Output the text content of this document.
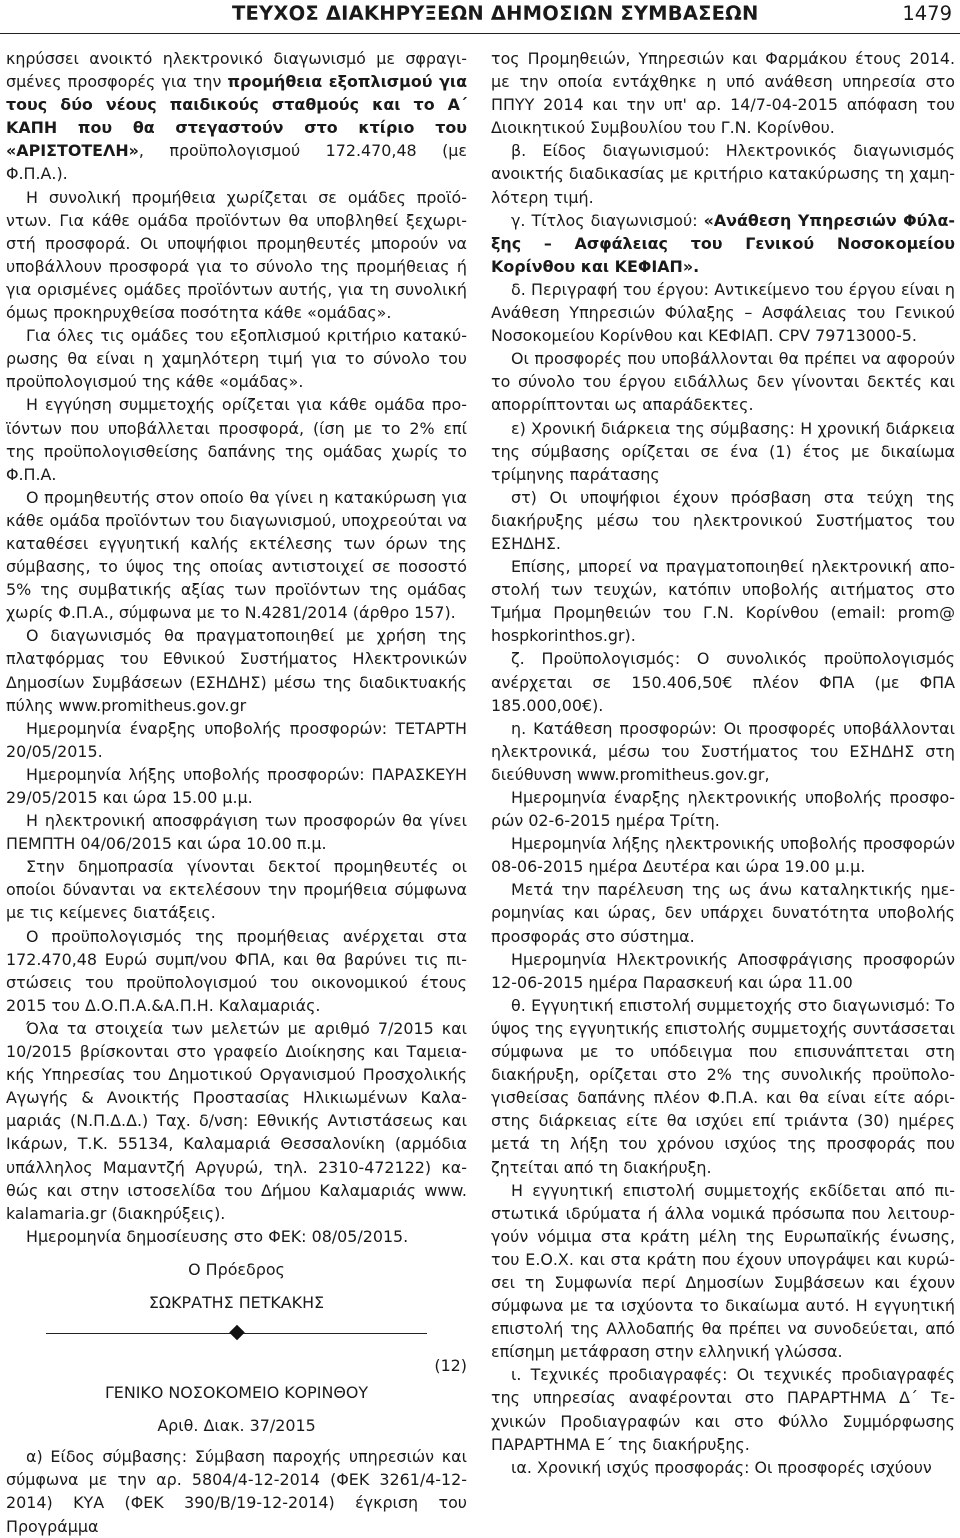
ΤΕΥΧΟΣ ΔΙΑΚΗΡΥΞΕΩΝ ΔΗΜΟΣΙΩΝ ΣΥΜΒΑΣΕΩΝ	1479

κηρύσσει ανοικτό ηλεκτρονικό διαγωνισμό με σφραγισμένες προσφορές για την προμήθεια εξοπλισμού για τους δύο νέους παιδικούς σταθμούς και το Α΄ ΚΑΠΗ που θα στεγαστούν στο κτίριο του «ΑΡΙΣΤΟΤΕΛΗ», προϋπολογισμού 172.470,48 (με Φ.Π.Α.).

Η συνολική προμήθεια χωρίζεται σε ομάδες προϊόντων. Για κάθε ομάδα προϊόντων θα υποβληθεί ξεχωριστή προσφορά. Οι υποψήφιοι προμηθευτές μπορούν να υποβάλλουν προσφορά για το σύνολο της προμήθειας ή για ορισμένες ομάδες προϊόντων αυτής, για τη συνολική όμως προκηρυχθείσα ποσότητα κάθε «ομάδας».

Για όλες τις ομάδες του εξοπλισμού κριτήριο κατακύρωσης θα είναι η χαμηλότερη τιμή για το σύνολο του προϋπολογισμού της κάθε «ομάδας».

Η εγγύηση συμμετοχής ορίζεται για κάθε ομάδα προϊόντων που υποβάλλεται προσφορά, (ίση με το 2% επί της προϋπολογισθείσης δαπάνης της ομάδας χωρίς το Φ.Π.Α.

Ο προμηθευτής στον οποίο θα γίνει η κατακύρωση για κάθε ομάδα προϊόντων του διαγωνισμού, υποχρεούται να καταθέσει εγγυητική καλής εκτέλεσης των όρων της σύμβασης, το ύψος της οποίας αντιστοιχεί σε ποσοστό 5% της συμβατικής αξίας των προϊόντων της ομάδας χωρίς Φ.Π.Α., σύμφωνα με το Ν.4281/2014 (άρθρο 157).

Ο διαγωνισμός θα πραγματοποιηθεί με χρήση της πλατφόρμας του Εθνικού Συστήματος Ηλεκτρονικών Δημοσίων Συμβάσεων (ΕΣΗΔΗΣ) μέσω της διαδικτυακής πύλης www.promitheus.gov.gr

Ημερομηνία έναρξης υποβολής προσφορών: ΤΕΤΑΡΤΗ 20/05/2015.

Ημερομηνία λήξης υποβολής προσφορών: ΠΑΡΑΣΚΕΥΗ 29/05/2015 και ώρα 15.00 μ.μ.

Η ηλεκτρονική αποσφράγιση των προσφορών θα γίνει ΠΕΜΠΤΗ 04/06/2015 και ώρα 10.00 π.μ.

Στην δημοπρασία γίνονται δεκτοί προμηθευτές οι οποίοι δύνανται να εκτελέσουν την προμήθεια σύμφωνα με τις κείμενες διατάξεις.

Ο προϋπολογισμός της προμήθειας ανέρχεται στα 172.470,48 Ευρώ συμπ/νου ΦΠΑ, και θα βαρύνει τις πιστώσεις του προϋπολογισμού του οικονομικού έτους 2015 του Δ.Ο.Π.Α.&Α.Π.Η. Καλαμαριάς.

Όλα τα στοιχεία των μελετών με αριθμό 7/2015 και 10/2015 βρίσκονται στο γραφείο Διοίκησης και Ταμειακής Υπηρεσίας του Δημοτικού Οργανισμού Προσχολικής Αγωγής & Ανοικτής Προστασίας Ηλικιωμένων Καλαμαριάς (Ν.Π.Δ.Δ.) Ταχ. δ/νση: Εθνικής Αντιστάσεως και Ικάρων, Τ.Κ. 55134, Καλαμαριά Θεσσαλονίκη (αρμόδια υπάλληλος Μαμαντζή Αργυρώ, τηλ. 2310-472122) καθώς και στην ιστοσελίδα του Δήμου Καλαμαριάς www. kalamaria.gr (διακηρύξεις).

Ημερομηνία δημοσίευσης στο ΦΕΚ: 08/05/2015.

Ο Πρόεδρος

ΣΩΚΡΑΤΗΣ ΠΕΤΚΑΚΗΣ

(12)

ΓΕΝΙΚΟ ΝΟΣΟΚΟΜΕΙΟ ΚΟΡΙΝΘΟΥ

Αριθ. Διακ. 37/2015

α) Είδος σύμβασης: Σύμβαση παροχής υπηρεσιών και σύμφωνα με την αρ. 5804/4-12-2014 (ΦΕΚ 3261/4-12-2014) ΚΥΑ (ΦΕΚ 390/Β/19-12-2014) έγκριση του Προγράμμα

τος Προμηθειών, Υπηρεσιών και Φαρμάκου έτους 2014. με την οποία εντάχθηκε η υπό ανάθεση υπηρεσία στο ΠΠΥΥ 2014 και την υπ' αρ. 14/7-04-2015 απόφαση του Διοικητικού Συμβουλίου του Γ.Ν. Κορίνθου.

β. Είδος διαγωνισμού: Ηλεκτρονικός διαγωνισμός ανοικτής διαδικασίας με κριτήριο κατακύρωσης τη χαμηλότερη τιμή.

γ. Τίτλος διαγωνισμού: «Ανάθεση Υπηρεσιών Φύλαξης – Ασφάλειας του Γενικού Νοσοκομείου Κορίνθου και ΚΕΦΙΑΠ».

δ. Περιγραφή του έργου: Αντικείμενο του έργου είναι η Ανάθεση Υπηρεσιών Φύλαξης – Ασφάλειας του Γενικού Νοσοκομείου Κορίνθου και ΚΕΦΙΑΠ. CPV 79713000-5.

Οι προσφορές που υποβάλλονται θα πρέπει να αφορούν το σύνολο του έργου ειδάλλως δεν γίνονται δεκτές και απορρίπτονται ως απαράδεκτες.

ε) Χρονική διάρκεια της σύμβασης: Η χρονική διάρκεια της σύμβασης ορίζεται σε ένα (1) έτος με δικαίωμα τρίμηνης παράτασης

στ) Οι υποψήφιοι έχουν πρόσβαση στα τεύχη της διακήρυξης μέσω του ηλεκτρονικού Συστήματος του ΕΣΗΔΗΣ.

Επίσης, μπορεί να πραγματοποιηθεί ηλεκτρονική αποστολή των τευχών, κατόπιν υποβολής αιτήματος στο Τμήμα Προμηθειών του Γ.Ν. Κορίνθου (email: prom@ hospkorinthos.gr).

ζ. Προϋπολογισμός: Ο συνολικός προϋπολογισμός ανέρχεται σε 150.406,50€ πλέον ΦΠΑ (με ΦΠΑ 185.000,00€).

η. Κατάθεση προσφορών: Οι προσφορές υποβάλλονται ηλεκτρονικά, μέσω του Συστήματος του ΕΣΗΔΗΣ στη διεύθυνση www.promitheus.gov.gr,

Ημερομηνία έναρξης ηλεκτρονικής υποβολής προσφορών 02-6-2015 ημέρα Τρίτη.

Ημερομηνία λήξης ηλεκτρονικής υποβολής προσφορών 08-06-2015 ημέρα Δευτέρα και ώρα 19.00 μ.μ.

Μετά την παρέλευση της ως άνω καταληκτικής ημερομηνίας και ώρας, δεν υπάρχει δυνατότητα υποβολής προσφοράς στο σύστημα.

Ημερομηνία Ηλεκτρονικής Αποσφράγισης προσφορών 12-06-2015 ημέρα Παρασκευή και ώρα 11.00

θ. Εγγυητική επιστολή συμμετοχής στο διαγωνισμό: Το ύψος της εγγυητικής επιστολής συμμετοχής συντάσσεται σύμφωνα με το υπόδειγμα που επισυνάπτεται στη διακήρυξη, ορίζεται στο 2% της συνολικής προϋπολογισθείσας δαπάνης πλέον Φ.Π.Α. και θα είναι είτε αόριστης διάρκειας είτε θα ισχύει επί τριάντα (30) ημέρες μετά τη λήξη του χρόνου ισχύος της προσφοράς που ζητείται από τη διακήρυξη.

Η εγγυητική επιστολή συμμετοχής εκδίδεται από πιστωτικά ιδρύματα ή άλλα νομικά πρόσωπα που λειτουργούν νόμιμα στα κράτη μέλη της Ευρωπαϊκής ένωσης, του Ε.Ο.Χ. και στα κράτη που έχουν υπογράψει και κυρώσει τη Συμφωνία περί Δημοσίων Συμβάσεων και έχουν σύμφωνα με τα ισχύοντα το δικαίωμα αυτό. Η εγγυητική επιστολή της Αλλοδαπής θα πρέπει να συνοδεύεται, από επίσημη μετάφραση στην ελληνική γλώσσα.

ι. Τεχνικές προδιαγραφές: Οι τεχνικές προδιαγραφές της υπηρεσίας αναφέρονται στο ΠΑΡΑΡΤΗΜΑ Δ΄ Τεχνικών Προδιαγραφών και στο Φύλλο Συμμόρφωσης ΠΑΡΑΡΤΗΜΑ Ε΄ της διακήρυξης.

ια. Χρονική ισχύς προσφοράς: Οι προσφορές ισχύουν
